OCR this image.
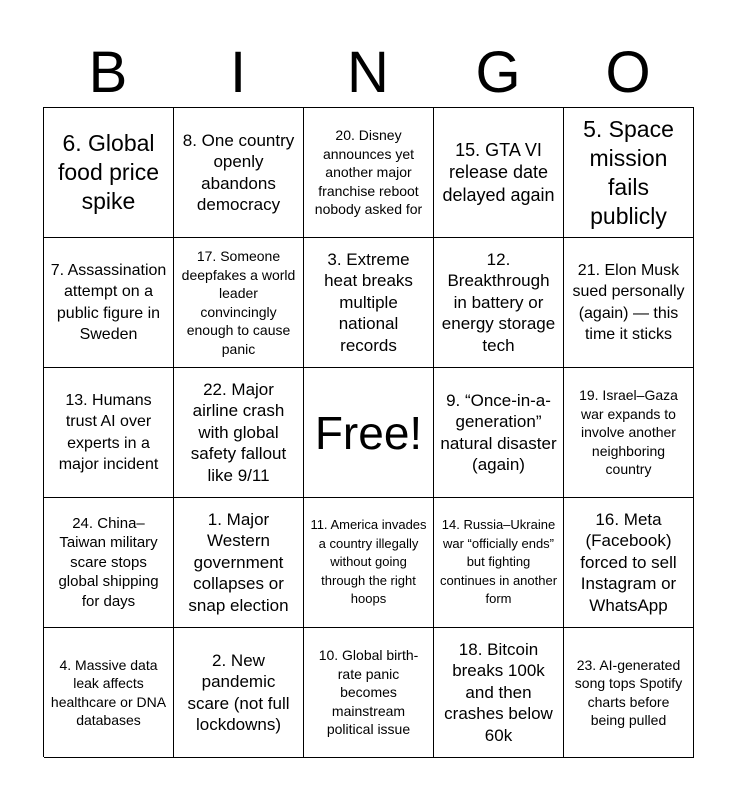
B	I	N	G	O
6. Global food price spike
8. One country openly abandons democracy
20. Disney announces yet another major franchise reboot nobody asked for
15. GTA VI release date delayed again
5. Space mission fails publicly
7. Assassination attempt on a public figure in Sweden
17. Someone deepfakes a world leader convincingly enough to cause panic
3. Extreme heat breaks multiple national records
12. Breakthrough in battery or energy storage tech
21. Elon Musk sued personally (again) — this time it sticks
13. Humans trust AI over experts in a major incident
22. Major airline crash with global safety fallout like 9/11
Free!
9. “Once-in-a-generation” natural disaster (again)
19. Israel–Gaza war expands to involve another neighboring country
24. China–Taiwan military scare stops global shipping for days
1. Major Western government collapses or snap election
11. America invades a country illegally without going through the right hoops
14. Russia–Ukraine war “officially ends” but fighting continues in another form
16. Meta (Facebook) forced to sell Instagram or WhatsApp
4. Massive data leak affects healthcare or DNA databases
2. New pandemic scare (not full lockdowns)
10. Global birth-rate panic becomes mainstream political issue
18. Bitcoin breaks 100k and then crashes below 60k
23. AI-generated song tops Spotify charts before being pulled
